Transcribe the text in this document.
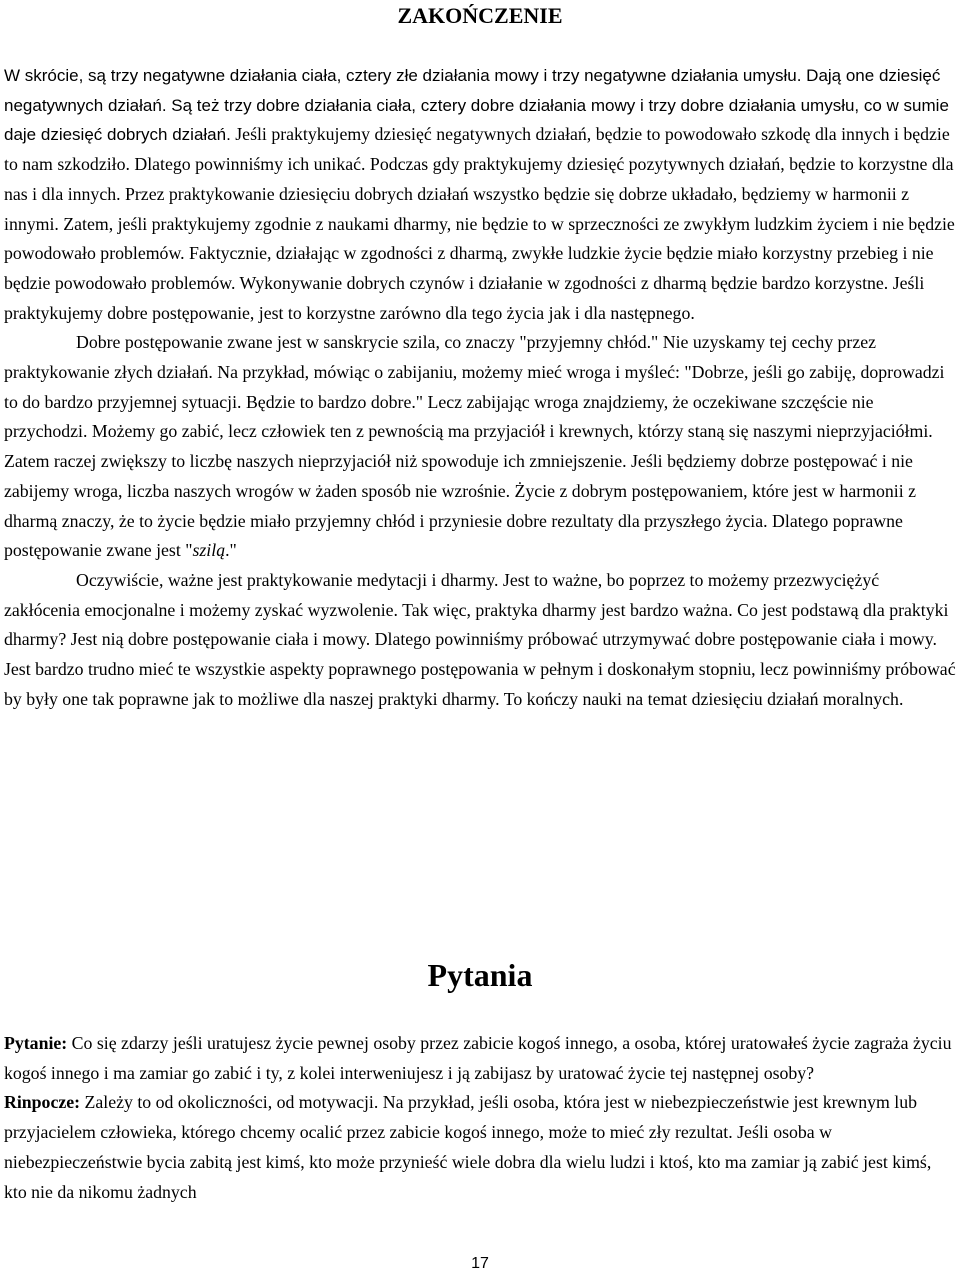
ZAKOŃCZENIE

W skrócie, są trzy negatywne działania ciała, cztery złe działania mowy i trzy negatywne działania umysłu. Dają one dziesięć negatywnych działań. Są też trzy dobre działania ciała, cztery dobre działania mowy i trzy dobre działania umysłu, co w sumie daje dziesięć dobrych działań. Jeśli praktykujemy dziesięć negatywnych działań, będzie to powodowało szkodę dla innych i będzie to nam szkodziło. Dlatego powinniśmy ich unikać. Podczas gdy praktykujemy dziesięć pozytywnych działań, będzie to korzystne dla nas i dla innych. Przez praktykowanie dziesięciu dobrych działań wszystko będzie się dobrze układało, będziemy w harmonii z innymi. Zatem, jeśli praktykujemy zgodnie z naukami dharmy, nie będzie to w sprzeczności ze zwykłym ludzkim życiem i nie będzie powodowało problemów. Faktycznie, działając w zgodności z dharmą, zwykłe ludzkie życie będzie miało korzystny przebieg i nie będzie powodowało problemów. Wykonywanie dobrych czynów i działanie w zgodności z dharmą będzie bardzo korzystne. Jeśli praktykujemy dobre postępowanie, jest to korzystne zarówno dla tego życia jak i dla następnego.

Dobre postępowanie zwane jest w sanskrycie szila, co znaczy "przyjemny chłód." Nie uzyskamy tej cechy przez praktykowanie złych działań. Na przykład, mówiąc o zabijaniu, możemy mieć wroga i myśleć: "Dobrze, jeśli go zabiję, doprowadzi to do bardzo przyjemnej sytuacji. Będzie to bardzo dobre." Lecz zabijając wroga znajdziemy, że oczekiwane szczęście nie przychodzi. Możemy go zabić, lecz człowiek ten z pewnością ma przyjaciół i krewnych, którzy staną się naszymi nieprzyjaciółmi. Zatem raczej zwiększy to liczbę naszych nieprzyjaciół niż spowoduje ich zmniejszenie. Jeśli będziemy dobrze postępować i nie zabijemy wroga, liczba naszych wrogów w żaden sposób nie wzrośnie. Życie z dobrym postępowaniem, które jest w harmonii z dharmą znaczy, że to życie będzie miało przyjemny chłód i przyniesie dobre rezultaty dla przyszłego życia. Dlatego poprawne postępowanie zwane jest "szilą."

Oczywiście, ważne jest praktykowanie medytacji i dharmy. Jest to ważne, bo poprzez to możemy przezwyciężyć zakłócenia emocjonalne i możemy zyskać wyzwolenie. Tak więc, praktyka dharmy jest bardzo ważna. Co jest podstawą dla praktyki dharmy? Jest nią dobre postępowanie ciała i mowy. Dlatego powinniśmy próbować utrzymywać dobre postępowanie ciała i mowy. Jest bardzo trudno mieć te wszystkie aspekty poprawnego postępowania w pełnym i doskonałym stopniu, lecz powinniśmy próbować by były one tak poprawne jak to możliwe dla naszej praktyki dharmy. To kończy nauki na temat dziesięciu działań moralnych.

Pytania

Pytanie: Co się zdarzy jeśli uratujesz życie pewnej osoby przez zabicie kogoś innego, a osoba, której uratowałeś życie zagraża życiu kogoś innego i ma zamiar go zabić i ty, z kolei interweniujesz i ją zabijasz by uratować życie tej następnej osoby?

Rinpocze: Zależy to od okoliczności, od motywacji. Na przykład, jeśli osoba, która jest w niebezpieczeństwie jest krewnym lub przyjacielem człowieka, którego chcemy ocalić przez zabicie kogoś innego, może to mieć zły rezultat. Jeśli osoba w niebezpieczeństwie bycia zabitą jest kimś, kto może przynieść wiele dobra dla wielu ludzi i ktoś, kto ma zamiar ją zabić jest kimś, kto nie da nikomu żadnych

17
